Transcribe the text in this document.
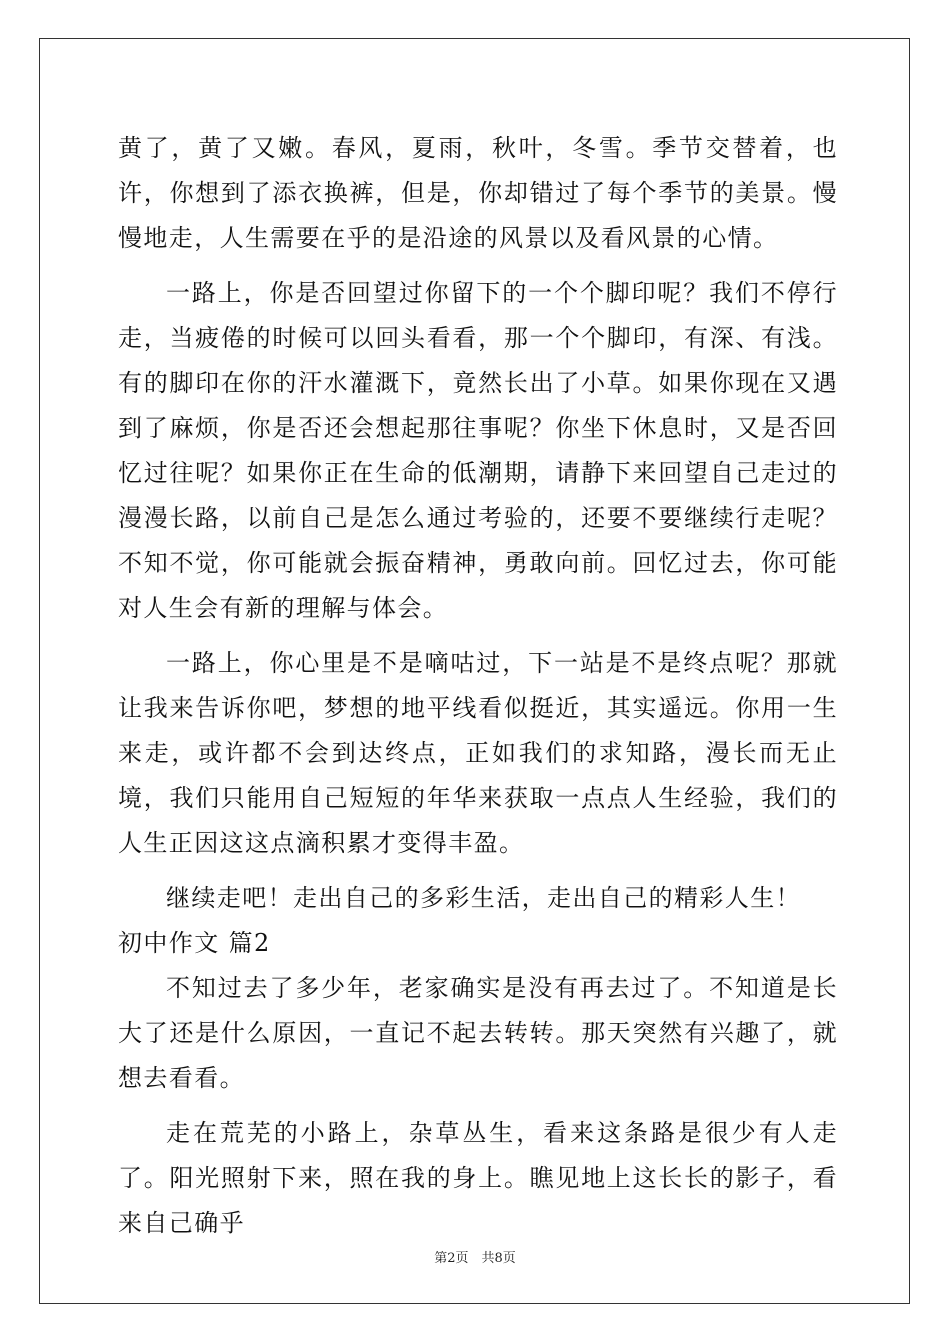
黄了，黄了又嫩。春风，夏雨，秋叶，冬雪。季节交替着，也许，你想到了添衣换裤，但是，你却错过了每个季节的美景。慢慢地走，人生需要在乎的是沿途的风景以及看风景的心情。

一路上，你是否回望过你留下的一个个脚印呢？我们不停行走，当疲倦的时候可以回头看看，那一个个脚印，有深、有浅。有的脚印在你的汗水灌溉下，竟然长出了小草。如果你现在又遇到了麻烦，你是否还会想起那往事呢？你坐下休息时，又是否回忆过往呢？如果你正在生命的低潮期，请静下来回望自己走过的漫漫长路，以前自己是怎么通过考验的，还要不要继续行走呢？不知不觉，你可能就会振奋精神，勇敢向前。回忆过去，你可能对人生会有新的理解与体会。

一路上，你心里是不是嘀咕过，下一站是不是终点呢？那就让我来告诉你吧，梦想的地平线看似挺近，其实遥远。你用一生来走，或许都不会到达终点，正如我们的求知路，漫长而无止境，我们只能用自己短短的年华来获取一点点人生经验，我们的人生正因这这点滴积累才变得丰盈。

继续走吧！走出自己的多彩生活，走出自己的精彩人生！

初中作文 篇2

不知过去了多少年，老家确实是没有再去过了。不知道是长大了还是什么原因，一直记不起去转转。那天突然有兴趣了，就想去看看。

走在荒芜的小路上，杂草丛生，看来这条路是很少有人走了。阳光照射下来，照在我的身上。瞧见地上这长长的影子，看来自己确乎

第2页　共8页
